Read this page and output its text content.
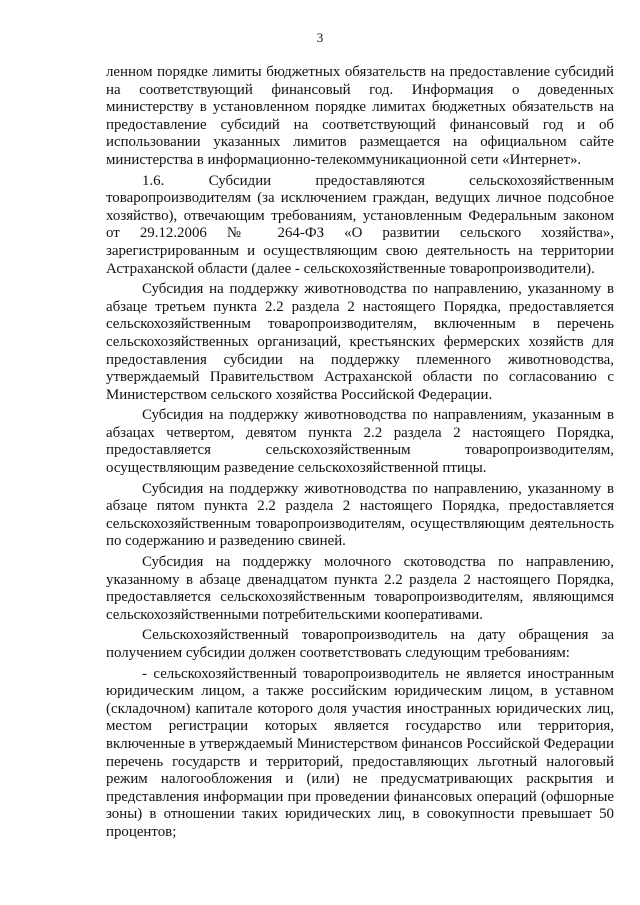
3

ленном порядке лимиты бюджетных обязательств на предоставление субсидий на соответствующий финансовый год. Информация о доведенных министерству в установленном порядке лимитах бюджетных обязательств на предоставление субсидий на соответствующий финансовый год и об использовании указанных лимитов размещается на официальном сайте министерства в информационно-телекоммуникационной сети «Интернет».

1.6. Субсидии предоставляются сельскохозяйственным товаропроизводителям (за исключением граждан, ведущих личное подсобное хозяйство), отвечающим требованиям, установленным Федеральным законом от 29.12.2006 № 264-ФЗ «О развитии сельского хозяйства», зарегистрированным и осуществляющим свою деятельность на территории Астраханской области (далее - сельскохозяйственные товаропроизводители).

Субсидия на поддержку животноводства по направлению, указанному в абзаце третьем пункта 2.2 раздела 2 настоящего Порядка, предоставляется сельскохозяйственным товаропроизводителям, включенным в перечень сельскохозяйственных организаций, крестьянских фермерских хозяйств для предоставления субсидии на поддержку племенного животноводства, утверждаемый Правительством Астраханской области по согласованию с Министерством сельского хозяйства Российской Федерации.

Субсидия на поддержку животноводства по направлениям, указанным в абзацах четвертом, девятом пункта 2.2 раздела 2 настоящего Порядка, предоставляется сельскохозяйственным товаропроизводителям, осуществляющим разведение сельскохозяйственной птицы.

Субсидия на поддержку животноводства по направлению, указанному в абзаце пятом пункта 2.2 раздела 2 настоящего Порядка, предоставляется сельскохозяйственным товаропроизводителям, осуществляющим деятельность по содержанию и разведению свиней.

Субсидия на поддержку молочного скотоводства по направлению, указанному в абзаце двенадцатом пункта 2.2 раздела 2 настоящего Порядка, предоставляется сельскохозяйственным товаропроизводителям, являющимся сельскохозяйственными потребительскими кооперативами.

Сельскохозяйственный товаропроизводитель на дату обращения за получением субсидии должен соответствовать следующим требованиям:

- сельскохозяйственный товаропроизводитель не является иностранным юридическим лицом, а также российским юридическим лицом, в уставном (складочном) капитале которого доля участия иностранных юридических лиц, местом регистрации которых является государство или территория, включенные в утверждаемый Министерством финансов Российской Федерации перечень государств и территорий, предоставляющих льготный налоговый режим налогообложения и (или) не предусматривающих раскрытия и представления информации при проведении финансовых операций (офшорные зоны) в отношении таких юридических лиц, в совокупности превышает 50 процентов;
